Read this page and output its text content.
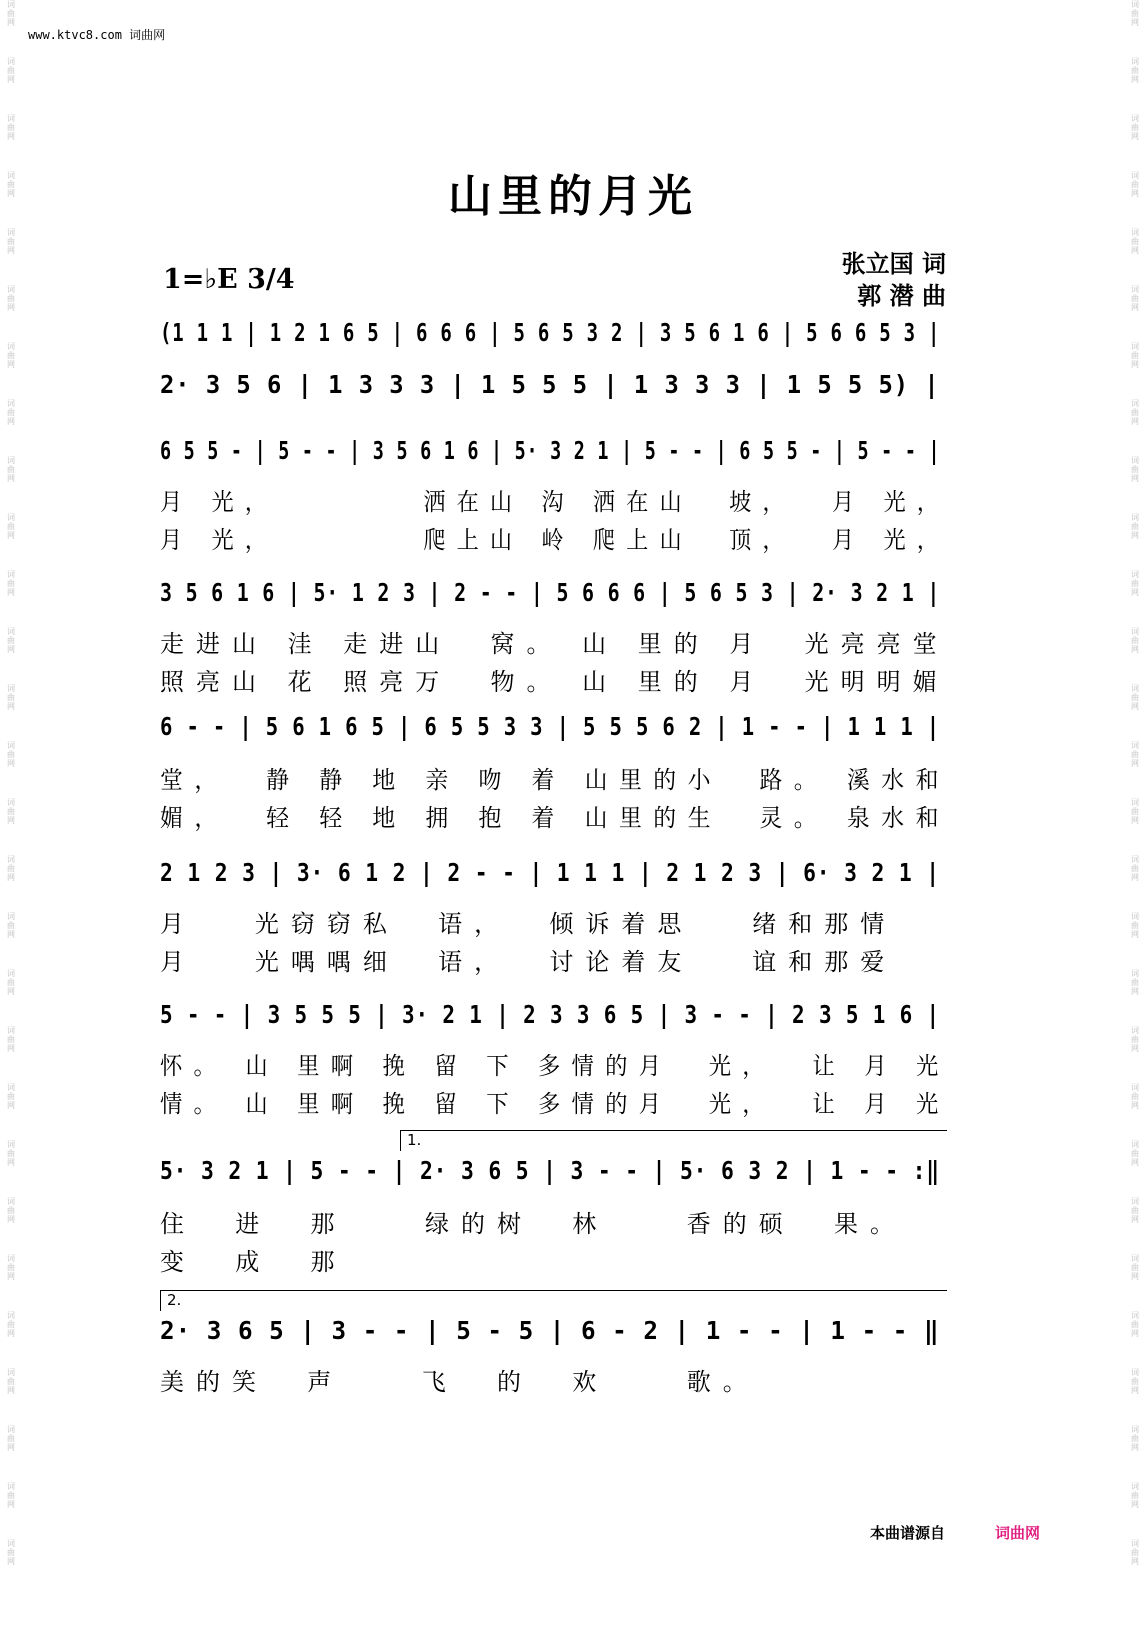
词
曲
网
词
曲
网
词
曲
网
词
曲
网
词
曲
网
词
曲
网
词
曲
网
词
曲
网
词
曲
网
词
曲
网
词
曲
网
词
曲
网
词
曲
网
词
曲
网
词
曲
网
词
曲
网
词
曲
网
词
曲
网
词
曲
网
词
曲
网
词
曲
网
词
曲
网
词
曲
网
词
曲
网
词
曲
网
词
曲
网
词
曲
网
词
曲
网
词
曲
网
词
曲
网
词
曲
网
词
曲
网
词
曲
网
词
曲
网
词
曲
网
词
曲
网
词
曲
网
词
曲
网
词
曲
网
词
曲
网
词
曲
网
词
曲
网
词
曲
网
词
曲
网
词
曲
网
词
曲
网
词
曲
网
词
曲
网
词
曲
网
词
曲
网
词
曲
网
词
曲
网
词
曲
网
词
曲
网
词
曲
网
词
曲
网
www.ktvc8.com 词曲网
山里的月光
1=♭E 3/4	张立国 词
郭 潜 曲
(1 1 1 | 1 2 1 6 5 | 6 6 6 | 5 6 5 3 2 | 3 5 6 1 6 | 5 6 6 5 3 |
2· 3 5 6 | 1 3 3 3 | 1 5 5 5 | 1 3 3 3 | 1 5 5 5) |
6 5 5 - | 5 - - | 3 5 6 1 6 | 5· 3 2 1 | 5 - - | 6 5 5 - | 5 - - |
3 5 6 1 6 | 5· 1 2 3 | 2 - - | 5 6 6 6 | 5 6 5 3 | 2· 3 2 1 |
6 - - | 5 6 1 6 5 | 6 5 5 3 3 | 5 5 5 6 2 | 1 - - | 1 1 1 |
2 1 2 3 | 3· 6 1 2 | 2 - - | 1 1 1 | 2 1 2 3 | 6· 3 2 1 |
5 - - | 3 5 5 5 | 3· 2 1 | 2 3 3 6 5 | 3 - - | 2 3 5 1 6 |
1.
5· 3 2 1 | 5 - - | 2· 3 6 5 | 3 - - | 5· 6 3 2 | 1 - - :‖
2.
2· 3 6 5 | 3 - - | 5 - 5 | 6 - 2 | 1 - - | 1 - - ‖
本曲谱源自	词曲网
月 光，        洒在山 沟 洒在山  坡，  月 光，
月 光，        爬上山 岭 爬上山  顶，  月 光，
走进山 洼 走进山  窝。 山 里的 月  光亮亮堂
照亮山 花 照亮万  物。 山 里的 月  光明明媚
堂，  静 静 地 亲 吻 着 山里的小  路。 溪水和
媚，  轻 轻 地 拥 抱 着 山里的生  灵。 泉水和
月   光窃窃私  语，  倾诉着思   绪和那情
月   光喁喁细  语，  讨论着友   谊和那爱
怀。 山 里啊 挽 留 下 多情的月  光，  让 月 光
情。 山 里啊 挽 留 下 多情的月  光，  让 月 光
住  进  那    绿的树  林    香的硕  果。
变  成  那
美的笑  声    飞  的  欢    歌。
